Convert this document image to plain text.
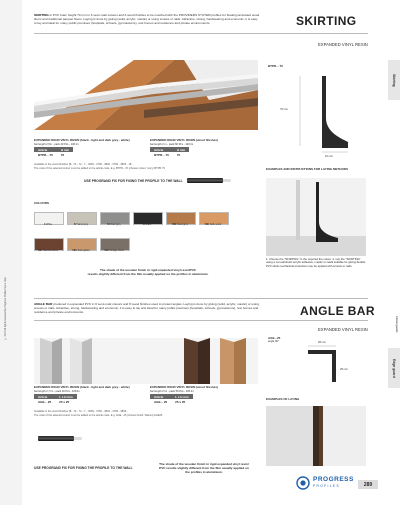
© 2017 All rights reserved by Progress Profiles S.p.a. Italy
SKIRTING in PVC foam height 70 mm in 6 semi-matt colours and 6 wood finishes to be matched with the PROVIDERS SYSTEM profiles for floating laminated wood floors and traditional parquet floors. Laying is done by gluing (solid, acrylic, mastic) or using screws or nails. Attractive, strong, hardwearing and economic, it is easy to lay and ideal for many public premises (hospitals, schools, gymnasiums), rest homes and residence and private environments.	SKIRTING
EXPANDED VINYL RESIN
Skirting
BTPR... 70
70 mm
10 mm
EXPANDED RIGID VINYL RESIN (black - light and dark grey - white)
bar length 2,5m - pack 40 Pcs - 100 lm
Article	H mm
BTPR... 70	70
EXPANDED RIGID VINYL RESIN (wood finishes)
bar length 2 m - pack 60 Pcs - 120 lm
Article	H mm
BTPR... 70	70
Available in the wood finishes (B...72 - 72 - Y... 3069 - 3796 - 3804 - 3799 - 3805 - 18 -
The code of the selected colour must be added to the article code. E.g. BTPR...70 (chosen colour: Ivory) BTPR 70
USE PROGRAND FIX FOR FIXING THE PROFILE TO THE WALL
EXAMPLES AND INSTRUCTIONS FOR LAYING METHODS
COLOURS
3 White	57 Sand grey	52 Dark grey	10 Dark	58K Steel grey	59K Dark wood
58K Natural walnut	58K Teak gilded	59K Vintage wood
1. Choose the "SKIRTING" in the required the colour. 2. Lay the "SKIRTING" using a non-alcoholic acrylic adhesive, mastic or caulk suitable for gluing flexible PVC while mechanical protection may be applied with screws or nails.
The shade of the wooden finish in rigid expanded vinyl resin/PVC
results slightly different from the film usually applied on the profiles in aluminium.
ANGLE BAR produced in expanded PVC in 6 semi-matt colours and 8 wood finishes used to protect angles. Laying is done by gluing (solid, acrylic, mastic) or using screws or nails. Attractive, strong, hardwearing and economic, it is easy to lay and ideal for many public premises (hospitals, schools, gymnasiums), rest homes and residence and private environments.	ANGLE BAR
EXPANDED VINYL RESIN
Edge guard
Corner guards
AGE...25
angle 90°	25 mm
25 mm
EXPANDED RIGID VINYL RESIN (black - light and dark grey - white)
bar length 2,7 lm - pack 40 Pcs - 108 lm
Article	L x H mm
AGE... 25	25 x 25
EXPANDED RIGID VINYL RESIN (wood finishes)
bar length 2 lm - pack 50 Pcs - 100 lm
Article	L x H mm
AGE... 25	25 x 25
Available in the wood finishes (B...72 - 72 - Y... 3069 - 3796 - 3804 - 3799 - 3805 -
The code of the selected colour must be added to the article code. E.g. AGE...25 (chosen finish: Walnut) AGE25
EXAMPLES OF LAYING
USE PROGRAND FIX FOR FIXING THE PROFILE TO THE WALL
The shade of the wooden finish in rigid expanded vinyl resin/
PVC results slightly different from the film usually applied on
the profiles in aluminium.
PROGRESS
PROFILES	289
